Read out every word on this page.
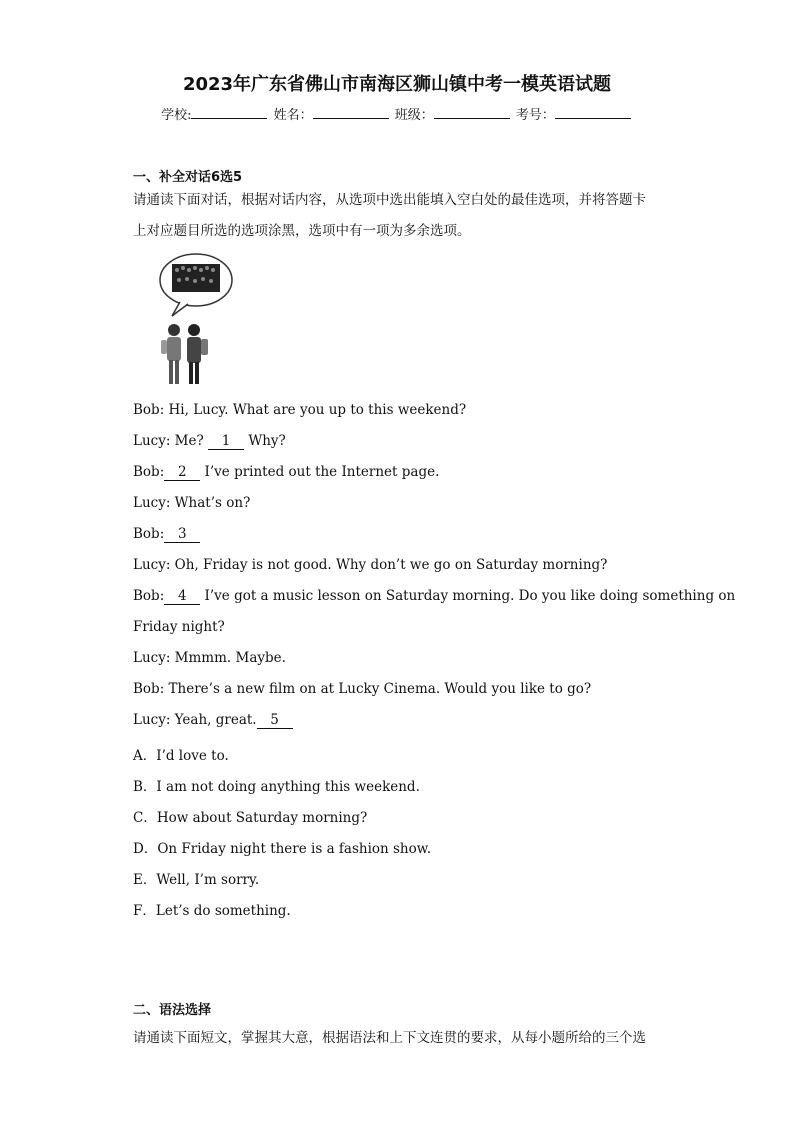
2023年广东省佛山市南海区狮山镇中考一模英语试题
学校:	姓名：	班级：	考号：
一、补全对话6选5
请通读下面对话，根据对话内容，从选项中选出能填入空白处的最佳选项，并将答题卡
上对应题目所选的选项涂黑，选项中有一项为多余选项。
Bob: Hi, Lucy. What are you up to this weekend?
Lucy: Me? 1 Why?
Bob: 2 I’ve printed out the Internet page.
Lucy: What’s on?
Bob: 3
Lucy: Oh, Friday is not good. Why don’t we go on Saturday morning?
Bob: 4 I’ve got a music lesson on Saturday morning. Do you like doing something on
Friday night?
Lucy: Mmmm. Maybe.
Bob: There’s a new film on at Lucky Cinema. Would you like to go?
Lucy: Yeah, great. 5
A．I’d love to.
B．I am not doing anything this weekend.
C．How about Saturday morning?
D．On Friday night there is a fashion show.
E．Well, I’m sorry.
F．Let’s do something.
二、语法选择
请通读下面短文，掌握其大意，根据语法和上下文连贯的要求，从每小题所给的三个选
